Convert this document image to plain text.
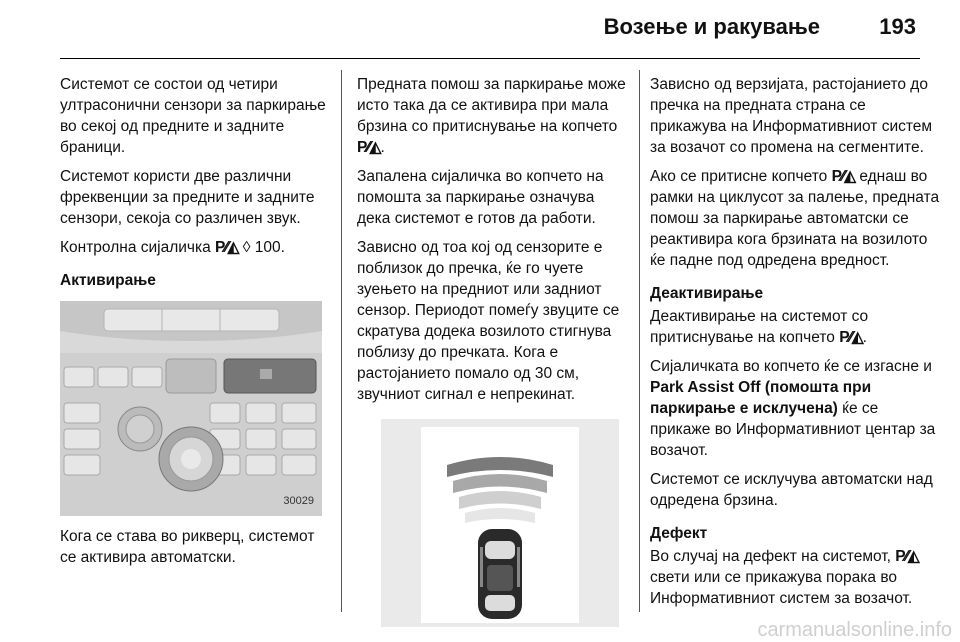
Возење и ракување	193

Системот се состои од четири ултрасонични сензори за паркирање во секој од предните и задните браници.

Системот користи две различни фреквенции за предните и задните сензори, секоја со различен звук.

Контролна сијаличка P⁄⁄◭ ◊ 100.

Активирање
30029

Кога се става во рикверц, системот се активира автоматски.

Предната помош за паркирање може исто така да се активира при мала брзина со притиснување на копчето P⁄⁄◭.

Запалена сијаличка во копчето на помошта за паркирање означува дека системот е готов да работи.

Зависно од тоа кој од сензорите е поблизок до пречка, ќе го чуете зуењето на предниот или задниот сензор. Периодот помеѓу звуците се скратува додека возилото стигнува поблизу до пречката. Кога е растојанието помало од 30 см, звучниот сигнал е непрекинат.

Зависно од верзијата, растојанието до пречка на предната страна се прикажува на Информативниот систем за возачот со промена на сегментите.

Ако се притисне копчето P⁄⁄◭ еднаш во рамки на циклусот за палење, предната помош за паркирање автоматски се реактивира кога брзината на возилото ќе падне под одредена вредност.

Деактивирање

Деактивирање на системот со притиснување на копчето P⁄⁄◭.

Сијаличката во копчето ќе се изгасне и Park Assist Off (помошта при паркирање е исклучена) ќе се прикаже во Информативниот центар за возачот.

Системот се исклучува автоматски над одредена брзина.

Дефект

Во случај на дефект на системот, P⁄⁄◭ свети или се прикажува порака во Информативниот систем за возачот.

carmanualsonline.info
